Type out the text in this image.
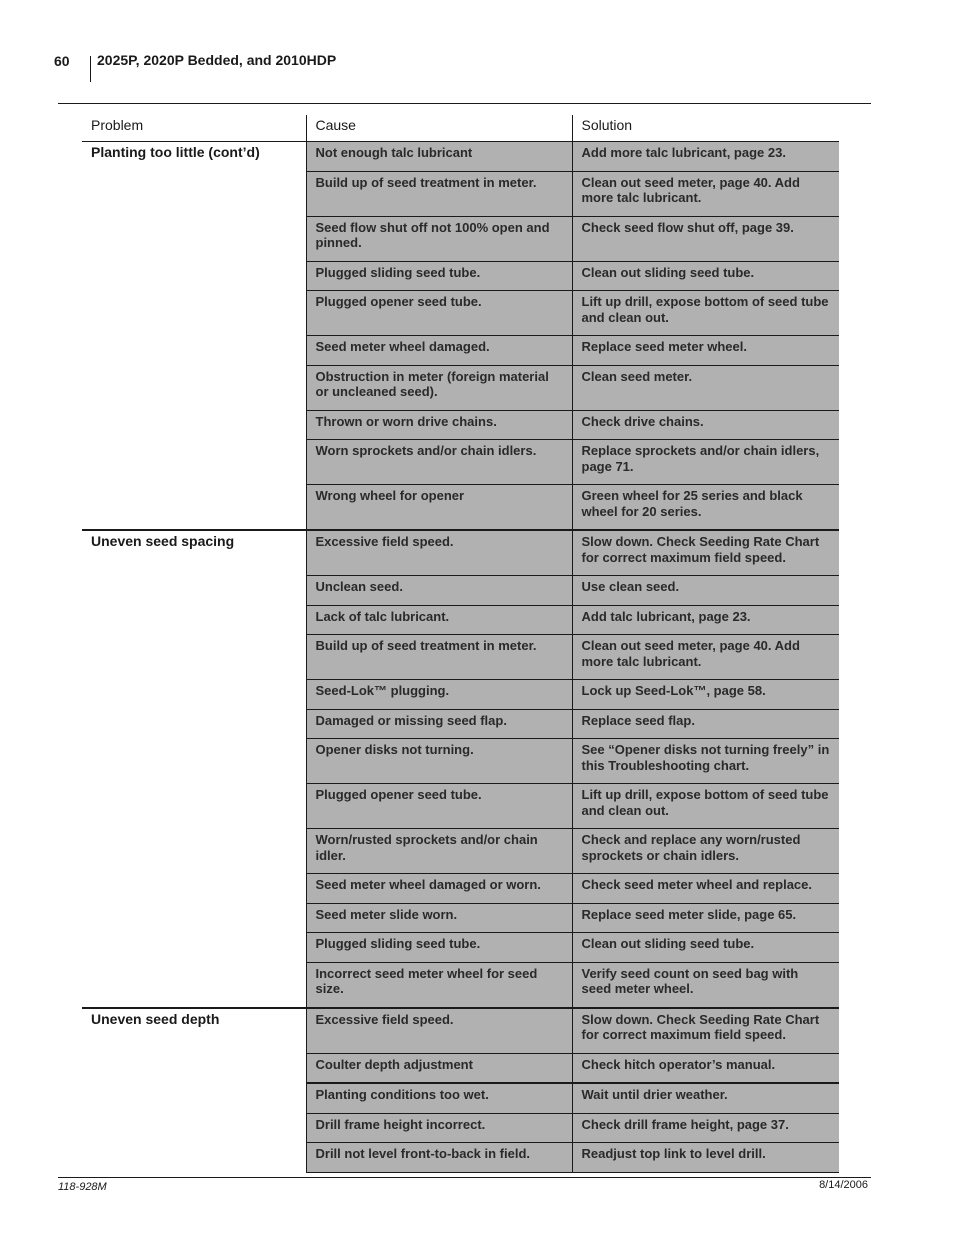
60 2025P, 2020P Bedded, and 2010HDP
Problem	Cause	Solution
Planting too little (cont’d)	Not enough talc lubricant	Add more talc lubricant, page 23.
	Build up of seed treatment in meter.	Clean out seed meter, page 40. Add more talc lubricant.
	Seed flow shut off not 100% open and pinned.	Check seed flow shut off, page 39.
	Plugged sliding seed tube.	Clean out sliding seed tube.
	Plugged opener seed tube.	Lift up drill, expose bottom of seed tube and clean out.
	Seed meter wheel damaged.	Replace seed meter wheel.
	Obstruction in meter (foreign material or uncleaned seed).	Clean seed meter.
	Thrown or worn drive chains.	Check drive chains.
	Worn sprockets and/or chain idlers.	Replace sprockets and/or chain idlers, page 71.
	Wrong wheel for opener	Green wheel for 25 series and black wheel for 20 series.
Uneven seed spacing	Excessive field speed.	Slow down. Check Seeding Rate Chart for correct maximum field speed.
	Unclean seed.	Use clean seed.
	Lack of talc lubricant.	Add talc lubricant, page 23.
	Build up of seed treatment in meter.	Clean out seed meter, page 40. Add more talc lubricant.
	Seed-Lok™ plugging.	Lock up Seed-Lok™, page 58.
	Damaged or missing seed flap.	Replace seed flap.
	Opener disks not turning.	See “Opener disks not turning freely” in this Troubleshooting chart.
	Plugged opener seed tube.	Lift up drill, expose bottom of seed tube and clean out.
	Worn/rusted sprockets and/or chain idler.	Check and replace any worn/rusted sprockets or chain idlers.
	Seed meter wheel damaged or worn.	Check seed meter wheel and replace.
	Seed meter slide worn.	Replace seed meter slide, page 65.
	Plugged sliding seed tube.	Clean out sliding seed tube.
	Incorrect seed meter wheel for seed size.	Verify seed count on seed bag with seed meter wheel.
Uneven seed depth	Excessive field speed.	Slow down. Check Seeding Rate Chart for correct maximum field speed.
	Coulter depth adjustment	Check hitch operator’s manual.
	Planting conditions too wet.	Wait until drier weather.
	Drill frame height incorrect.	Check drill frame height, page 37.
	Drill not level front-to-back in field.	Readjust top link to level drill.
118-928M	8/14/2006
